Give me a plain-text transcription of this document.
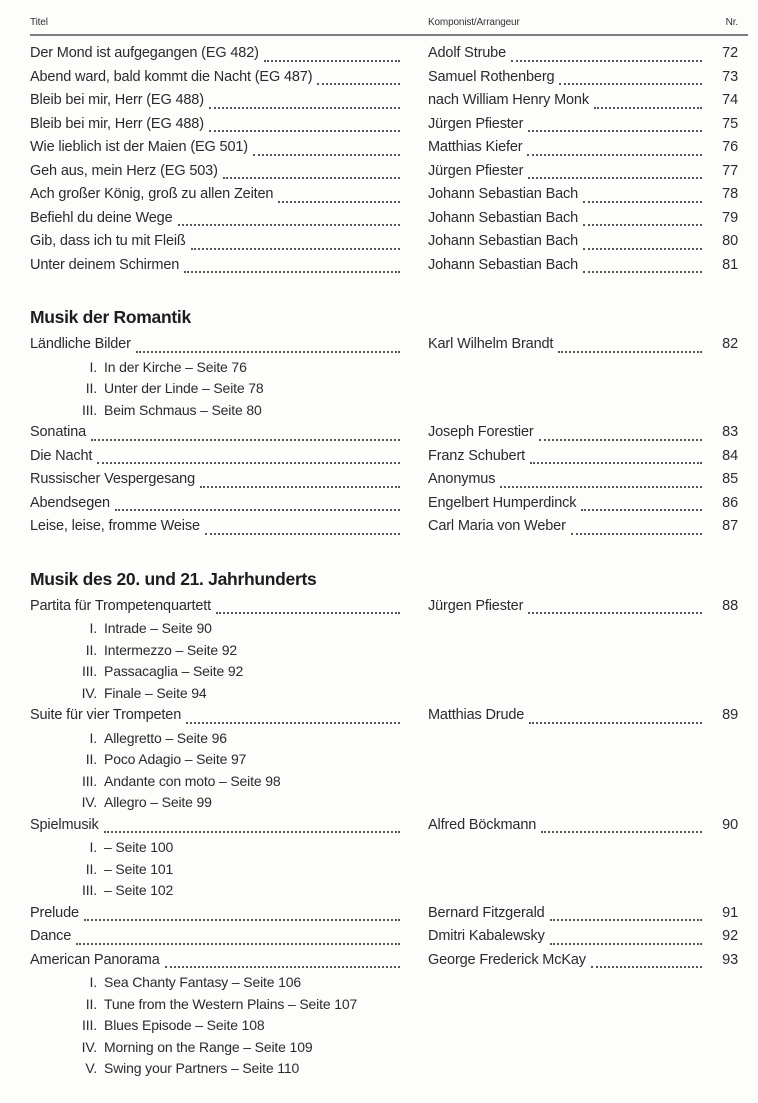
Titel	Komponist/Arrangeur	Nr.
Der Mond ist aufgegangen (EG 482)	Adolf Strube	72
Abend ward, bald kommt die Nacht (EG 487)	Samuel Rothenberg	73
Bleib bei mir, Herr (EG 488)	nach William Henry Monk	74
Bleib bei mir, Herr (EG 488)	Jürgen Pfiester	75
Wie lieblich ist der Maien (EG 501)	Matthias Kiefer	76
Geh aus, mein Herz (EG 503)	Jürgen Pfiester	77
Ach großer König, groß zu allen Zeiten	Johann Sebastian Bach	78
Befiehl du deine Wege	Johann Sebastian Bach	79
Gib, dass ich tu mit Fleiß	Johann Sebastian Bach	80
Unter deinem Schirmen	Johann Sebastian Bach	81
Musik der Romantik
Ländliche Bilder	Karl Wilhelm Brandt	82
I. In der Kirche – Seite 76
II. Unter der Linde – Seite 78
III. Beim Schmaus – Seite 80
Sonatina	Joseph Forestier	83
Die Nacht	Franz Schubert	84
Russischer Vespergesang	Anonymus	85
Abendsegen	Engelbert Humperdinck	86
Leise, leise, fromme Weise	Carl Maria von Weber	87
Musik des 20. und 21. Jahrhunderts
Partita für Trompetenquartett	Jürgen Pfiester	88
I. Intrade – Seite 90
II. Intermezzo – Seite 92
III. Passacaglia – Seite 92
IV. Finale – Seite 94
Suite für vier Trompeten	Matthias Drude	89
I. Allegretto – Seite 96
II. Poco Adagio – Seite 97
III. Andante con moto – Seite 98
IV. Allegro – Seite 99
Spielmusik	Alfred Böckmann	90
I. – Seite 100
II. – Seite 101
III. – Seite 102
Prelude	Bernard Fitzgerald	91
Dance	Dmitri Kabalewsky	92
American Panorama	George Frederick McKay	93
I. Sea Chanty Fantasy – Seite 106
II. Tune from the Western Plains – Seite 107
III. Blues Episode – Seite 108
IV. Morning on the Range – Seite 109
V. Swing your Partners – Seite 110
